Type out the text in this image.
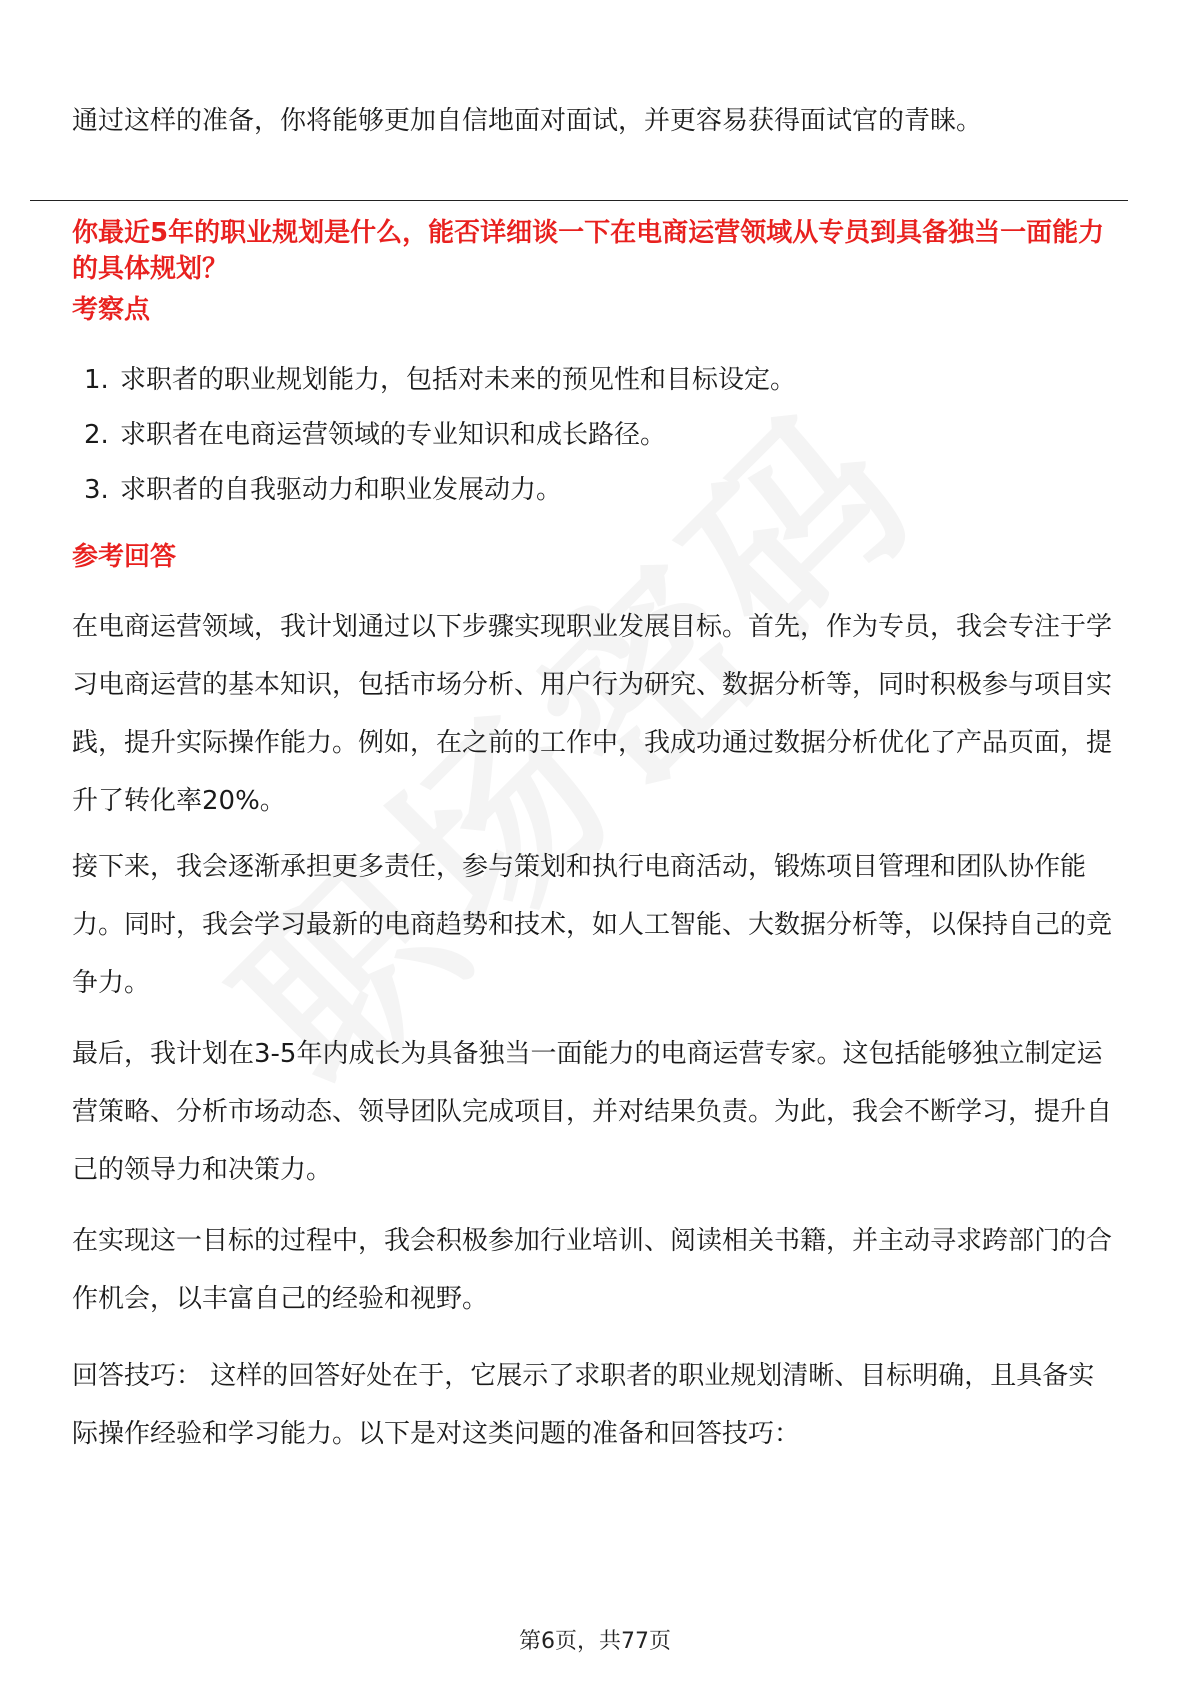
通过这样的准备，你将能够更加自信地面对面试，并更容易获得面试官的青睐。

你最近5年的职业规划是什么，能否详细谈一下在电商运营领域从专员到具备独当一面能力的具体规划？

考察点

1. 求职者的职业规划能力，包括对未来的预见性和目标设定。
2. 求职者在电商运营领域的专业知识和成长路径。
3. 求职者的自我驱动力和职业发展动力。

参考回答

在电商运营领域，我计划通过以下步骤实现职业发展目标。首先，作为专员，我会专注于学习电商运营的基本知识，包括市场分析、用户行为研究、数据分析等，同时积极参与项目实践，提升实际操作能力。例如，在之前的工作中，我成功通过数据分析优化了产品页面，提升了转化率20%。

接下来，我会逐渐承担更多责任，参与策划和执行电商活动，锻炼项目管理和团队协作能力。同时，我会学习最新的电商趋势和技术，如人工智能、大数据分析等，以保持自己的竞争力。

最后，我计划在3-5年内成长为具备独当一面能力的电商运营专家。这包括能够独立制定运营策略、分析市场动态、领导团队完成项目，并对结果负责。为此，我会不断学习，提升自己的领导力和决策力。

在实现这一目标的过程中，我会积极参加行业培训、阅读相关书籍，并主动寻求跨部门的合作机会，以丰富自己的经验和视野。

回答技巧： 这样的回答好处在于，它展示了求职者的职业规划清晰、目标明确，且具备实际操作经验和学习能力。以下是对这类问题的准备和回答技巧：

第6页，共77页
